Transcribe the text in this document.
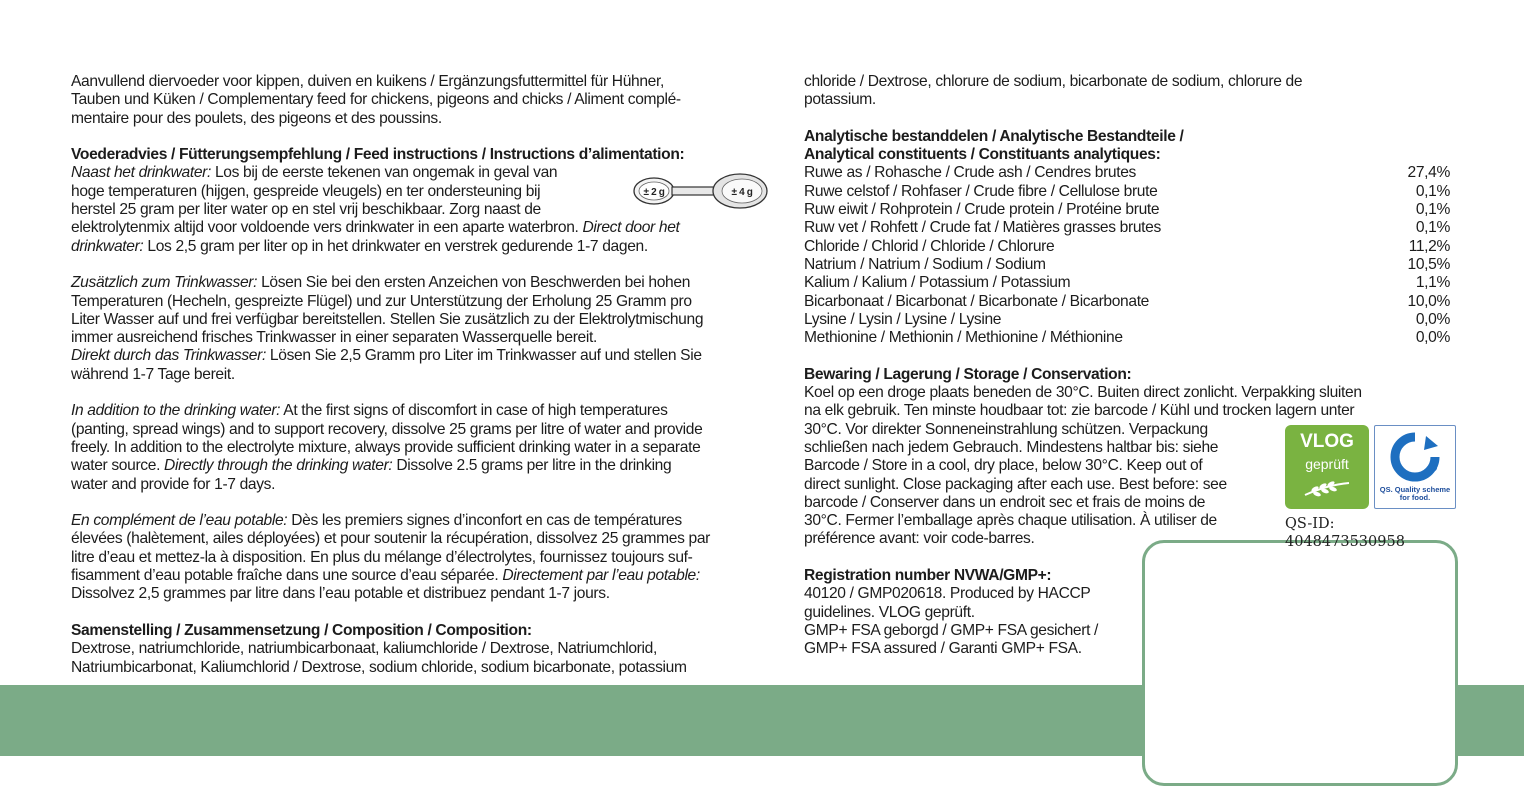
Aanvullend diervoeder voor kippen, duiven en kuikens / Ergänzungsfuttermittel für Hühner,

Tauben und Küken / Complementary feed for chickens, pigeons and chicks / Aliment complé-

mentaire pour des poulets, des pigeons et des poussins.

Voederadvies / Fütterungsempfehlung / Feed instructions / Instructions d’alimentation:

Naast het drinkwater: Los bij de eerste tekenen van ongemak in geval van

hoge temperaturen (hijgen, gespreide vleugels) en ter ondersteuning bij

herstel 25 gram per liter water op en stel vrij beschikbaar. Zorg naast de

elektrolytenmix altijd voor voldoende vers drinkwater in een aparte waterbron. Direct door het

drinkwater: Los 2,5 gram per liter op in het drinkwater en verstrek gedurende 1-7 dagen.

Zusätzlich zum Trinkwasser: Lösen Sie bei den ersten Anzeichen von Beschwerden bei hohen

Temperaturen (Hecheln, gespreizte Flügel) und zur Unterstützung der Erholung 25 Gramm pro

Liter Wasser auf und frei verfügbar bereitstellen. Stellen Sie zusätzlich zu der Elektrolytmischung

immer ausreichend frisches Trinkwasser in einer separaten Wasserquelle bereit.

Direkt durch das Trinkwasser: Lösen Sie 2,5 Gramm pro Liter im Trinkwasser auf und stellen Sie

während 1-7 Tage bereit.

In addition to the drinking water: At the first signs of discomfort in case of high temperatures

(panting, spread wings) and to support recovery, dissolve 25 grams per litre of water and provide

freely. In addition to the electrolyte mixture, always provide sufficient drinking water in a separate

water source. Directly through the drinking water: Dissolve 2.5 grams per litre in the drinking

water and provide for 1-7 days.

En complément de l’eau potable: Dès les premiers signes d’inconfort en cas de températures

élevées (halètement, ailes déployées) et pour soutenir la récupération, dissolvez 25 grammes par

litre d’eau et mettez-la à disposition. En plus du mélange d’électrolytes, fournissez toujours suf-

fisamment d’eau potable fraîche dans une source d’eau séparée. Directement par l’eau potable:

Dissolvez 2,5 grammes par litre dans l’eau potable et distribuez pendant 1-7 jours.

Samenstelling / Zusammensetzung / Composition / Composition:

Dextrose, natriumchloride, natriumbicarbonaat, kaliumchloride / Dextrose, Natriumchlorid,

Natriumbicarbonat, Kaliumchlorid / Dextrose, sodium chloride, sodium bicarbonate, potassium

± 2 g	± 4 g

chloride / Dextrose, chlorure de sodium, bicarbonate de sodium, chlorure de

potassium.

Analytische bestanddelen / Analytische Bestandteile /

Analytical constituents / Constituants analytiques:

Ruwe as / Rohasche / Crude ash / Cendres brutes	27,4%
Ruwe celstof / Rohfaser / Crude fibre / Cellulose brute	0,1%
Ruw eiwit / Rohprotein / Crude protein / Protéine brute	0,1%
Ruw vet / Rohfett / Crude fat / Matières grasses brutes	0,1%
Chloride / Chlorid / Chloride / Chlorure	11,2%
Natrium / Natrium / Sodium / Sodium	10,5%
Kalium / Kalium / Potassium / Potassium	1,1%
Bicarbonaat / Bicarbonat / Bicarbonate / Bicarbonate	10,0%
Lysine / Lysin / Lysine / Lysine	0,0%
Methionine / Methionin / Methionine / Méthionine	0,0%

Bewaring / Lagerung / Storage / Conservation:

Koel op een droge plaats beneden de 30°C. Buiten direct zonlicht. Verpakking sluiten

na elk gebruik. Ten minste houdbaar tot: zie barcode / Kühl und trocken lagern unter

30°C. Vor direkter Sonneneinstrahlung schützen. Verpackung

schließen nach jedem Gebrauch. Mindestens haltbar bis: siehe

Barcode / Store in a cool, dry place, below 30°C. Keep out of

direct sunlight. Close packaging after each use. Best before: see

barcode / Conserver dans un endroit sec et frais de moins de

30°C. Fermer l’emballage après chaque utilisation. À utiliser de

préférence avant: voir code-barres.

Registration number NVWA/GMP+:

40120 / GMP020618. Produced by HACCP

guidelines. VLOG geprüft.

GMP+ FSA geborgd / GMP+ FSA gesichert /

GMP+ FSA assured / Garanti GMP+ FSA.

VLOG
geprüft
QS. Quality scheme for food.
QS-ID: 4048473530958
